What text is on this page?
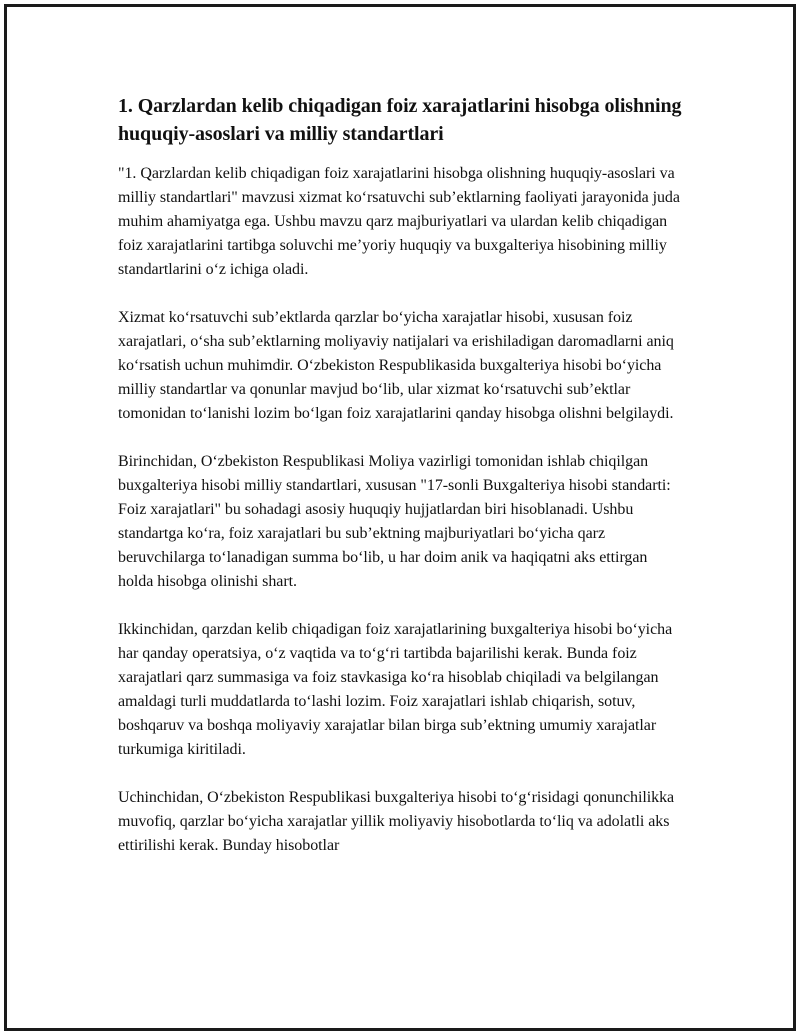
1. Qarzlardan kelib chiqadigan foiz xarajatlarini hisobga olishning huquqiy-asoslari va milliy standartlari

"1. Qarzlardan kelib chiqadigan foiz xarajatlarini hisobga olishning huquqiy-asoslari va milliy standartlari" mavzusi xizmat ko‘rsatuvchi sub’ektlarning faoliyati jarayonida juda muhim ahamiyatga ega. Ushbu mavzu qarz majburiyatlari va ulardan kelib chiqadigan foiz xarajatlarini tartibga soluvchi me’yoriy huquqiy va buxgalteriya hisobining milliy standartlarini o‘z ichiga oladi.

Xizmat ko‘rsatuvchi sub’ektlarda qarzlar bo‘yicha xarajatlar hisobi, xususan foiz xarajatlari, o‘sha sub’ektlarning moliyaviy natijalari va erishiladigan daromadlarni aniq ko‘rsatish uchun muhimdir. O‘zbekiston Respublikasida buxgalteriya hisobi bo‘yicha milliy standartlar va qonunlar mavjud bo‘lib, ular xizmat ko‘rsatuvchi sub’ektlar tomonidan to‘lanishi lozim bo‘lgan foiz xarajatlarini qanday hisobga olishni belgilaydi.

Birinchidan, O‘zbekiston Respublikasi Moliya vazirligi tomonidan ishlab chiqilgan buxgalteriya hisobi milliy standartlari, xususan "17-sonli Buxgalteriya hisobi standarti: Foiz xarajatlari" bu sohadagi asosiy huquqiy hujjatlardan biri hisoblanadi. Ushbu standartga ko‘ra, foiz xarajatlari bu sub’ektning majburiyatlari bo‘yicha qarz beruvchilarga to‘lanadigan summa bo‘lib, u har doim anik va haqiqatni aks ettirgan holda hisobga olinishi shart.

Ikkinchidan, qarzdan kelib chiqadigan foiz xarajatlarining buxgalteriya hisobi bo‘yicha har qanday operatsiya, o‘z vaqtida va to‘g‘ri tartibda bajarilishi kerak. Bunda foiz xarajatlari qarz summasiga va foiz stavkasiga ko‘ra hisoblab chiqiladi va belgilangan amaldagi turli muddatlarda to‘lashi lozim. Foiz xarajatlari ishlab chiqarish, sotuv, boshqaruv va boshqa moliyaviy xarajatlar bilan birga sub’ektning umumiy xarajatlar turkumiga kiritiladi.

Uchinchidan, O‘zbekiston Respublikasi buxgalteriya hisobi to‘g‘risidagi qonunchilikka muvofiq, qarzlar bo‘yicha xarajatlar yillik moliyaviy hisobotlarda to‘liq va adolatli aks ettirilishi kerak. Bunday hisobotlar
